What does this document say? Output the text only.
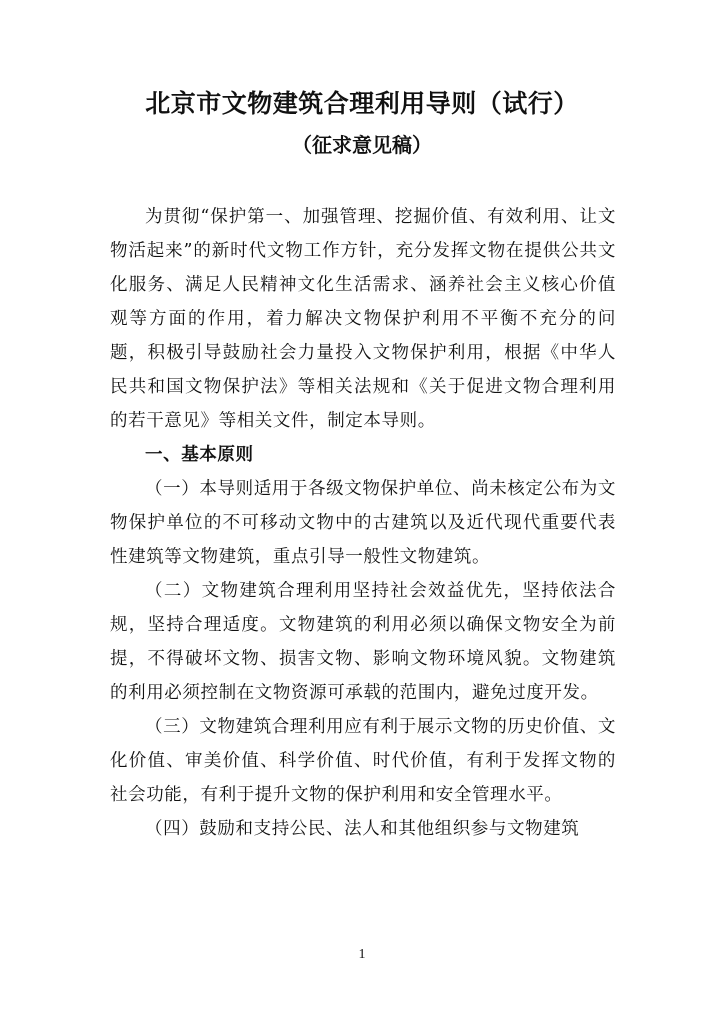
北京市文物建筑合理利用导则（试行）
（征求意见稿）

为贯彻“保护第一、加强管理、挖掘价值、有效利用、让文物活起来”的新时代文物工作方针，充分发挥文物在提供公共文化服务、满足人民精神文化生活需求、涵养社会主义核心价值观等方面的作用，着力解决文物保护利用不平衡不充分的问题，积极引导鼓励社会力量投入文物保护利用，根据《中华人民共和国文物保护法》等相关法规和《关于促进文物合理利用的若干意见》等相关文件，制定本导则。

一、基本原则

（一）本导则适用于各级文物保护单位、尚未核定公布为文物保护单位的不可移动文物中的古建筑以及近代现代重要代表性建筑等文物建筑，重点引导一般性文物建筑。

（二）文物建筑合理利用坚持社会效益优先，坚持依法合规，坚持合理适度。文物建筑的利用必须以确保文物安全为前提，不得破坏文物、损害文物、影响文物环境风貌。文物建筑的利用必须控制在文物资源可承载的范围内，避免过度开发。

（三）文物建筑合理利用应有利于展示文物的历史价值、文化价值、审美价值、科学价值、时代价值，有利于发挥文物的社会功能，有利于提升文物的保护利用和安全管理水平。

（四）鼓励和支持公民、法人和其他组织参与文物建筑

1
